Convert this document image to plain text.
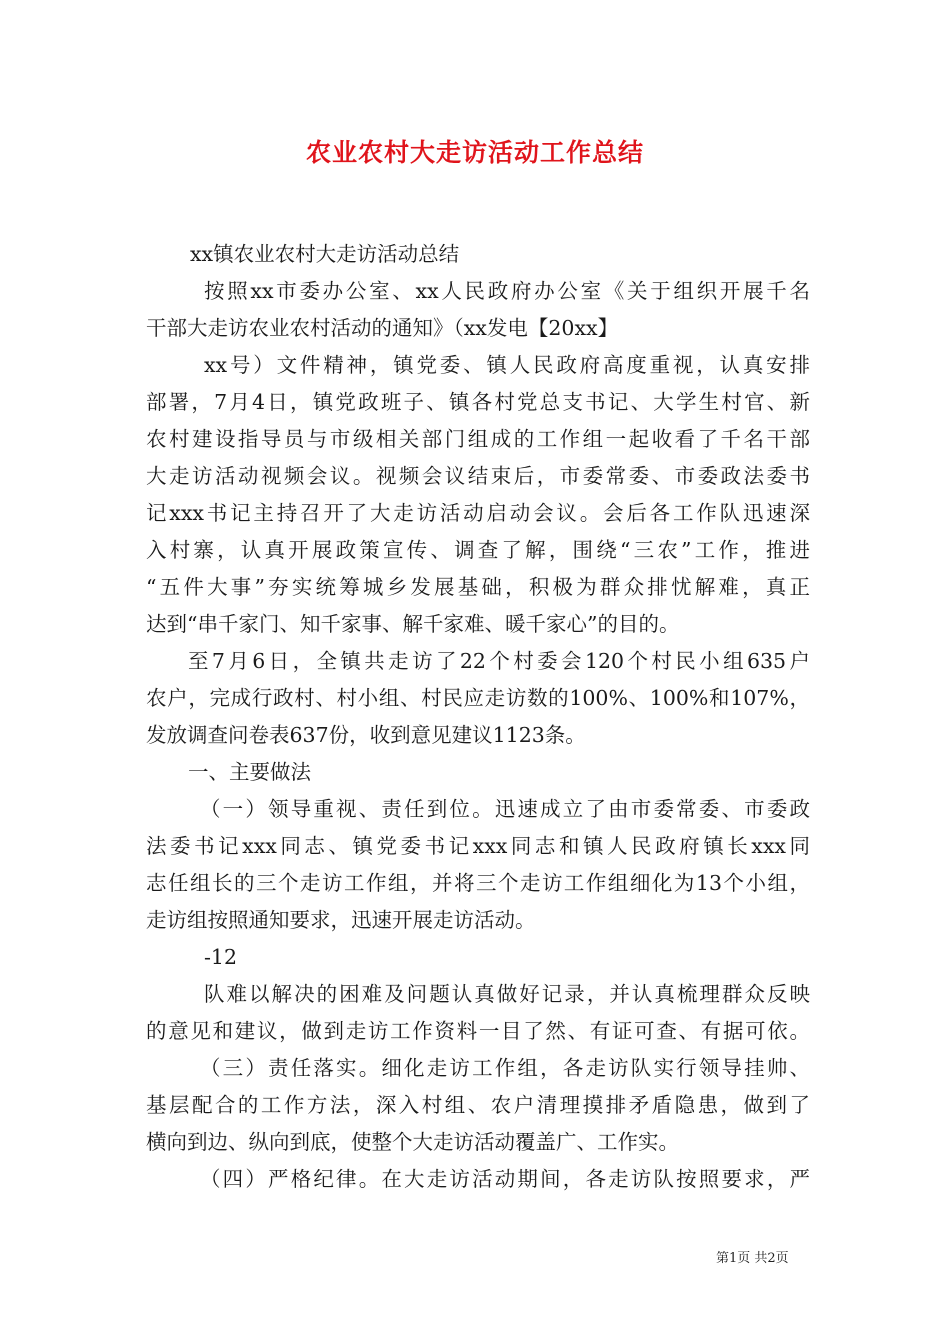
农业农村大走访活动工作总结

xx镇农业农村大走访活动总结

按照xx市委办公室、xx人民政府办公室《关于组织开展千名

干部大走访农业农村活动的通知》（xx发电【20xx】

xx号）文件精神，镇党委、镇人民政府高度重视，认真安排

部署，7月4日，镇党政班子、镇各村党总支书记、大学生村官、新

农村建设指导员与市级相关部门组成的工作组一起收看了千名干部

大走访活动视频会议。视频会议结束后，市委常委、市委政法委书

记xxx书记主持召开了大走访活动启动会议。会后各工作队迅速深

入村寨，认真开展政策宣传、调查了解，围绕“三农”工作，推进

“五件大事”夯实统筹城乡发展基础，积极为群众排忧解难，真正

达到“串千家门、知千家事、解千家难、暖千家心”的目的。

至7月6日，全镇共走访了22个村委会120个村民小组635户

农户，完成行政村、村小组、村民应走访数的100%、100%和107%，

发放调查问卷表637份，收到意见建议1123条。

一、主要做法

（一）领导重视、责任到位。迅速成立了由市委常委、市委政

法委书记xxx同志、镇党委书记xxx同志和镇人民政府镇长xxx同

志任组长的三个走访工作组，并将三个走访工作组细化为13个小组，

走访组按照通知要求，迅速开展走访活动。

-12

队难以解决的困难及问题认真做好记录，并认真梳理群众反映

的意见和建议，做到走访工作资料一目了然、有证可查、有据可依。

（三）责任落实。细化走访工作组，各走访队实行领导挂帅、

基层配合的工作方法，深入村组、农户清理摸排矛盾隐患，做到了

横向到边、纵向到底，使整个大走访活动覆盖广、工作实。

（四）严格纪律。在大走访活动期间，各走访队按照要求，严

第1页 共2页
